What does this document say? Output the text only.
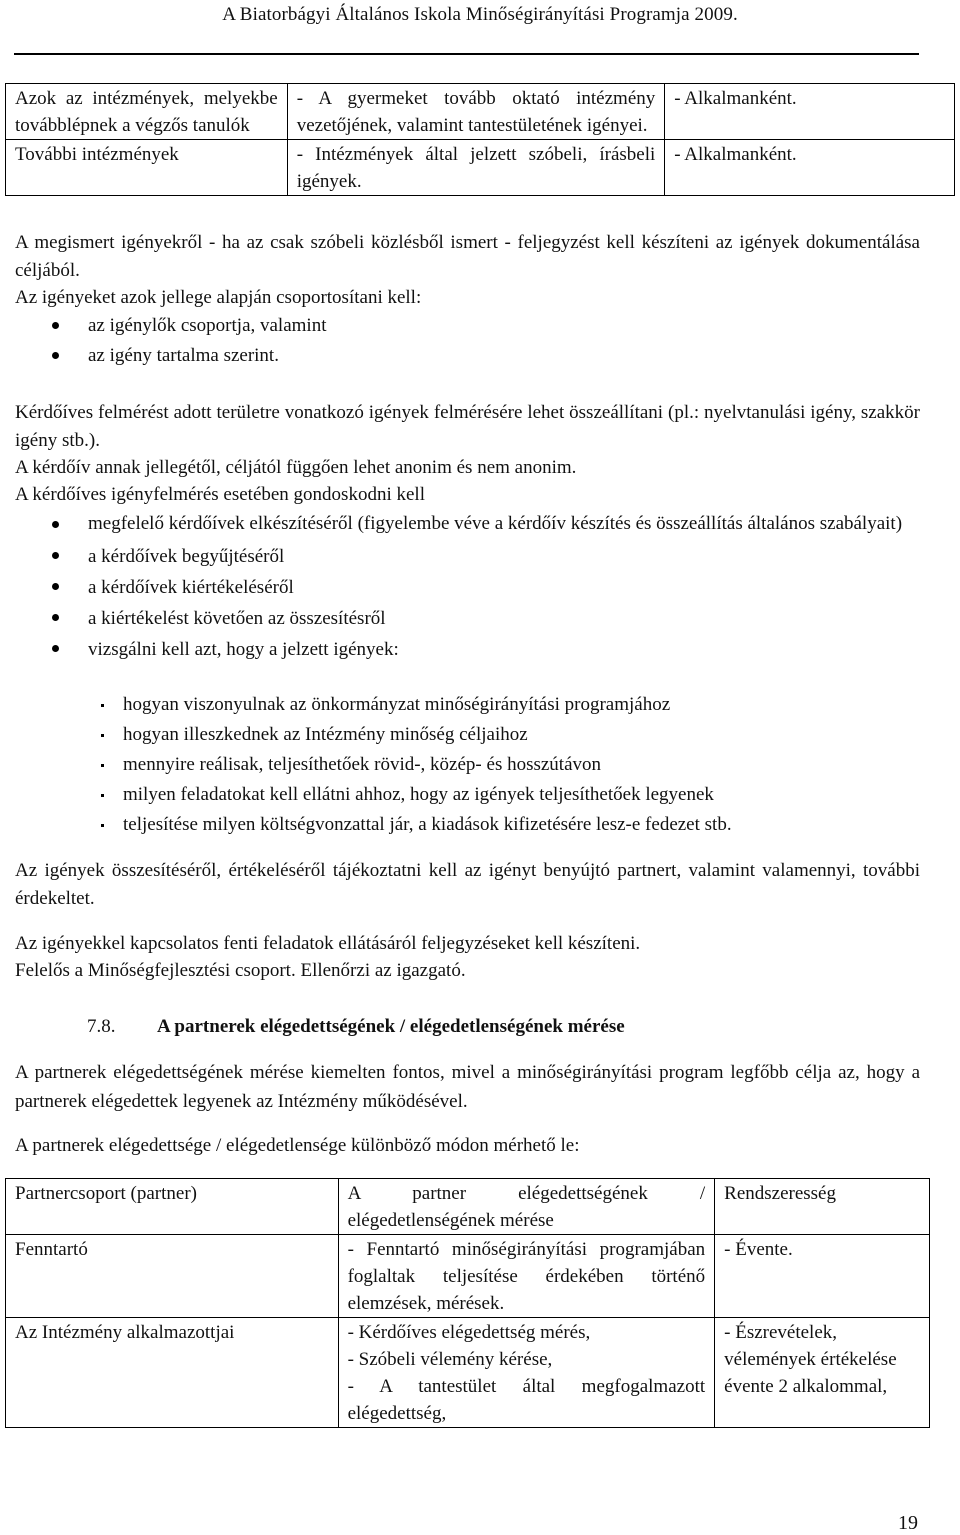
A Biatorbágyi Általános Iskola Minőségirányítási Programja 2009.
Azok az intézmények, melyekbe továbblépnek a végzős tanulók	- A gyermeket tovább oktató intézmény vezetőjének, valamint tantestületének igényei.	- Alkalmanként.
További intézmények	- Intézmények által jelzett szóbeli, írásbeli igények.	- Alkalmanként.
A megismert igényekről - ha az csak szóbeli közlésből ismert - feljegyzést kell készíteni az igények dokumentálása céljából.
Az igényeket azok jellege alapján csoportosítani kell:
az igénylők csoportja, valamint
az igény tartalma szerint.
Kérdőíves felmérést adott területre vonatkozó igények felmérésére lehet összeállítani (pl.: nyelvtanulási igény, szakkör igény stb.).
A kérdőív annak jellegétől, céljától függően lehet anonim és nem anonim.
A kérdőíves igényfelmérés esetében gondoskodni kell
megfelelő kérdőívek elkészítéséről (figyelembe véve a kérdőív készítés és összeállítás általános szabályait)
a kérdőívek begyűjtéséről
a kérdőívek kiértékeléséről
a kiértékelést követően az összesítésről
vizsgálni kell azt, hogy a jelzett igények:
hogyan viszonyulnak az önkormányzat minőségirányítási programjához
hogyan illeszkednek az Intézmény minőség céljaihoz
mennyire reálisak, teljesíthetőek rövid-, közép- és hosszútávon
milyen feladatokat kell ellátni ahhoz, hogy az igények teljesíthetőek legyenek
teljesítése milyen költségvonzattal jár, a kiadások kifizetésére lesz-e fedezet stb.
Az igények összesítéséről, értékeléséről tájékoztatni kell az igényt benyújtó partnert, valamint valamennyi, további érdekeltet.
Az igényekkel kapcsolatos fenti feladatok ellátásáról feljegyzéseket kell készíteni.
Felelős a Minőségfejlesztési csoport. Ellenőrzi az igazgató.
7.8. A partnerek elégedettségének / elégedetlenségének mérése
A partnerek elégedettségének mérése kiemelten fontos, mivel a minőségirányítási program legfőbb célja az, hogy a partnerek elégedettek legyenek az Intézmény működésével.
A partnerek elégedettsége / elégedetlensége különböző módon mérhető le:
Partnercsoport (partner)	A partner elégedettségének / elégedetlenségének mérése	Rendszeresség
Fenntartó	- Fenntartó minőségirányítási programjában foglaltak teljesítése érdekében történő elemzések, mérések.	- Évente.
Az Intézmény alkalmazottjai	- Kérdőíves elégedettség mérés,
- Szóbeli vélemény kérése,
- A tantestület által megfogalmazott elégedettség,	- Észrevételek, vélemények értékelése évente 2 alkalommal,
19
